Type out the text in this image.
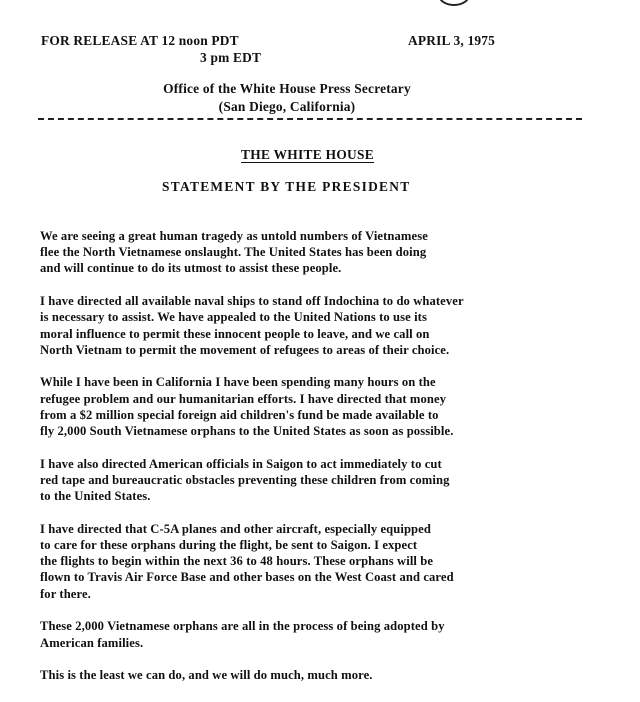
FOR RELEASE AT 12 noon PDT
3 pm EDT
APRIL 3, 1975
Office of the White House Press Secretary
(San Diego, California)
THE WHITE HOUSE
STATEMENT BY THE PRESIDENT
We are seeing a great human tragedy as untold numbers of Vietnamese
flee the North Vietnamese onslaught. The United States has been doing
and will continue to do its utmost to assist these people.
I have directed all available naval ships to stand off Indochina to do whatever
is necessary to assist. We have appealed to the United Nations to use its
moral influence to permit these innocent people to leave, and we call on
North Vietnam to permit the movement of refugees to areas of their choice.
While I have been in California I have been spending many hours on the
refugee problem and our humanitarian efforts. I have directed that money
from a $2 million special foreign aid children's fund be made available to
fly 2,000 South Vietnamese orphans to the United States as soon as possible.
I have also directed American officials in Saigon to act immediately to cut
red tape and bureaucratic obstacles preventing these children from coming
to the United States.
I have directed that C-5A planes and other aircraft, especially equipped
to care for these orphans during the flight, be sent to Saigon. I expect
the flights to begin within the next 36 to 48 hours. These orphans will be
flown to Travis Air Force Base and other bases on the West Coast and cared
for there.
These 2,000 Vietnamese orphans are all in the process of being adopted by
American families.
This is the least we can do, and we will do much, much more.
